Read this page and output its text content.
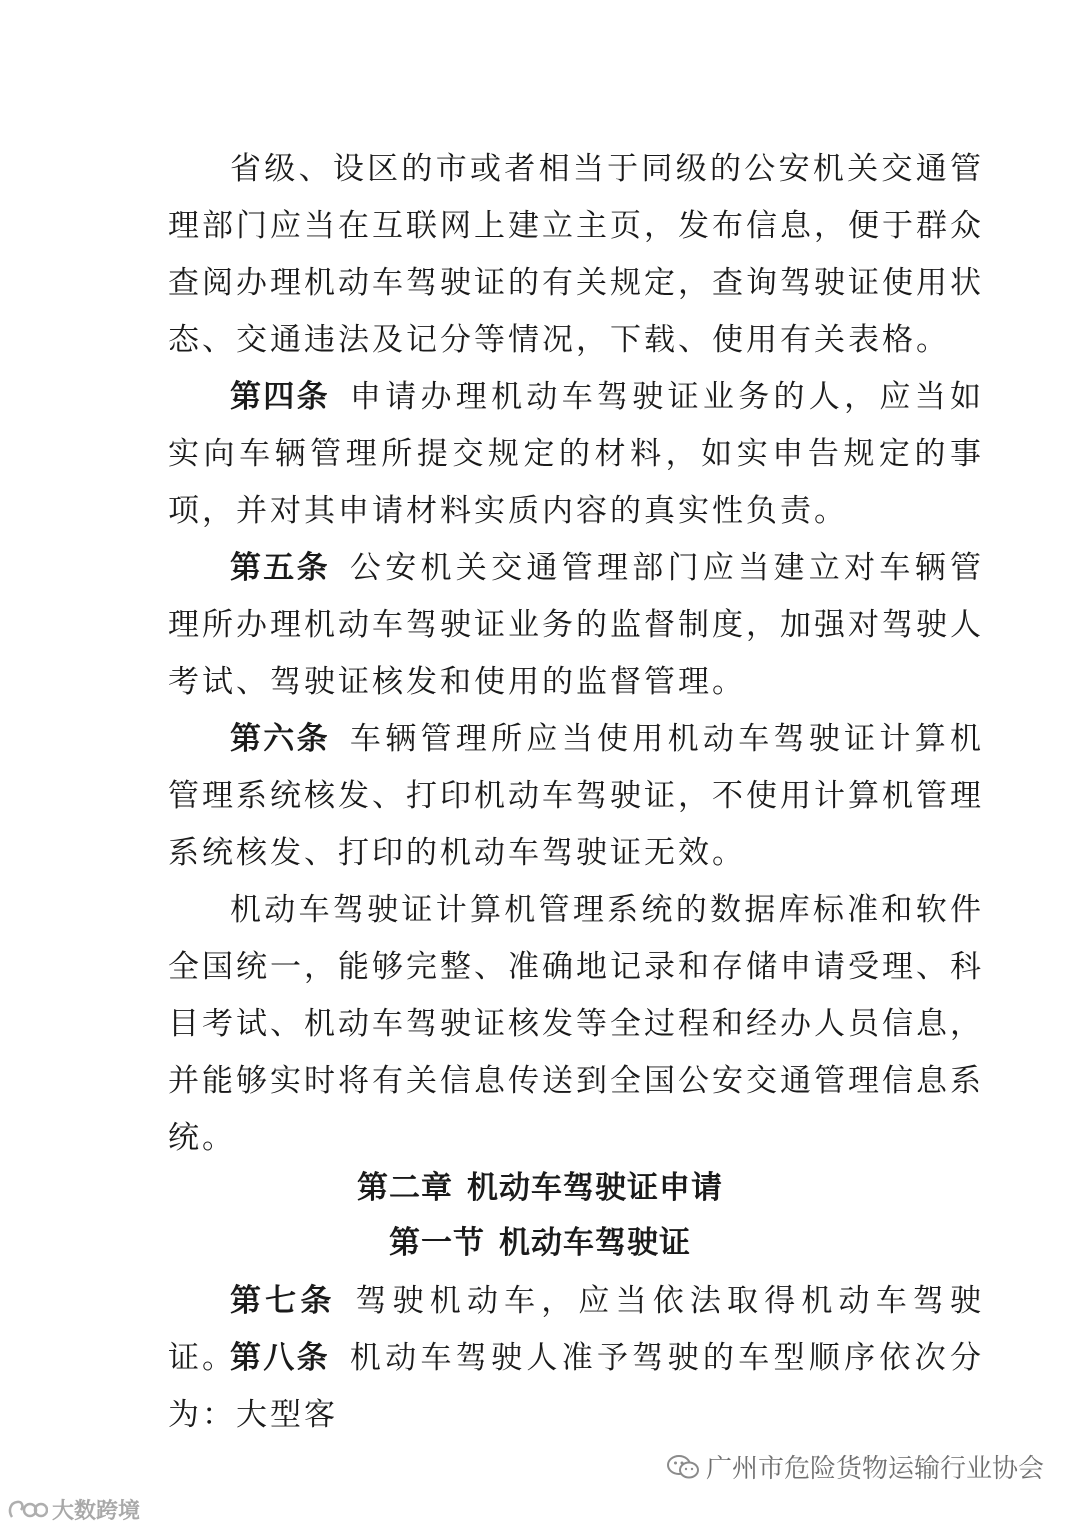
省级、设区的市或者相当于同级的公安机关交通管理部门应当在互联网上建立主页，发布信息，便于群众查阅办理机动车驾驶证的有关规定，查询驾驶证使用状态、交通违法及记分等情况，下载、使用有关表格。

第四条 申请办理机动车驾驶证业务的人，应当如实向车辆管理所提交规定的材料，如实申告规定的事项，并对其申请材料实质内容的真实性负责。

第五条 公安机关交通管理部门应当建立对车辆管理所办理机动车驾驶证业务的监督制度，加强对驾驶人考试、驾驶证核发和使用的监督管理。

第六条 车辆管理所应当使用机动车驾驶证计算机管理系统核发、打印机动车驾驶证，不使用计算机管理系统核发、打印的机动车驾驶证无效。

机动车驾驶证计算机管理系统的数据库标准和软件全国统一，能够完整、准确地记录和存储申请受理、科目考试、机动车驾驶证核发等全过程和经办人员信息，并能够实时将有关信息传送到全国公安交通管理信息系统。

第二章 机动车驾驶证申请
第一节 机动车驾驶证

第七条 驾驶机动车，应当依法取得机动车驾驶证。

第八条 机动车驾驶人准予驾驶的车型顺序依次分为：大型客

广州市危险货物运输行业协会
大数跨境
